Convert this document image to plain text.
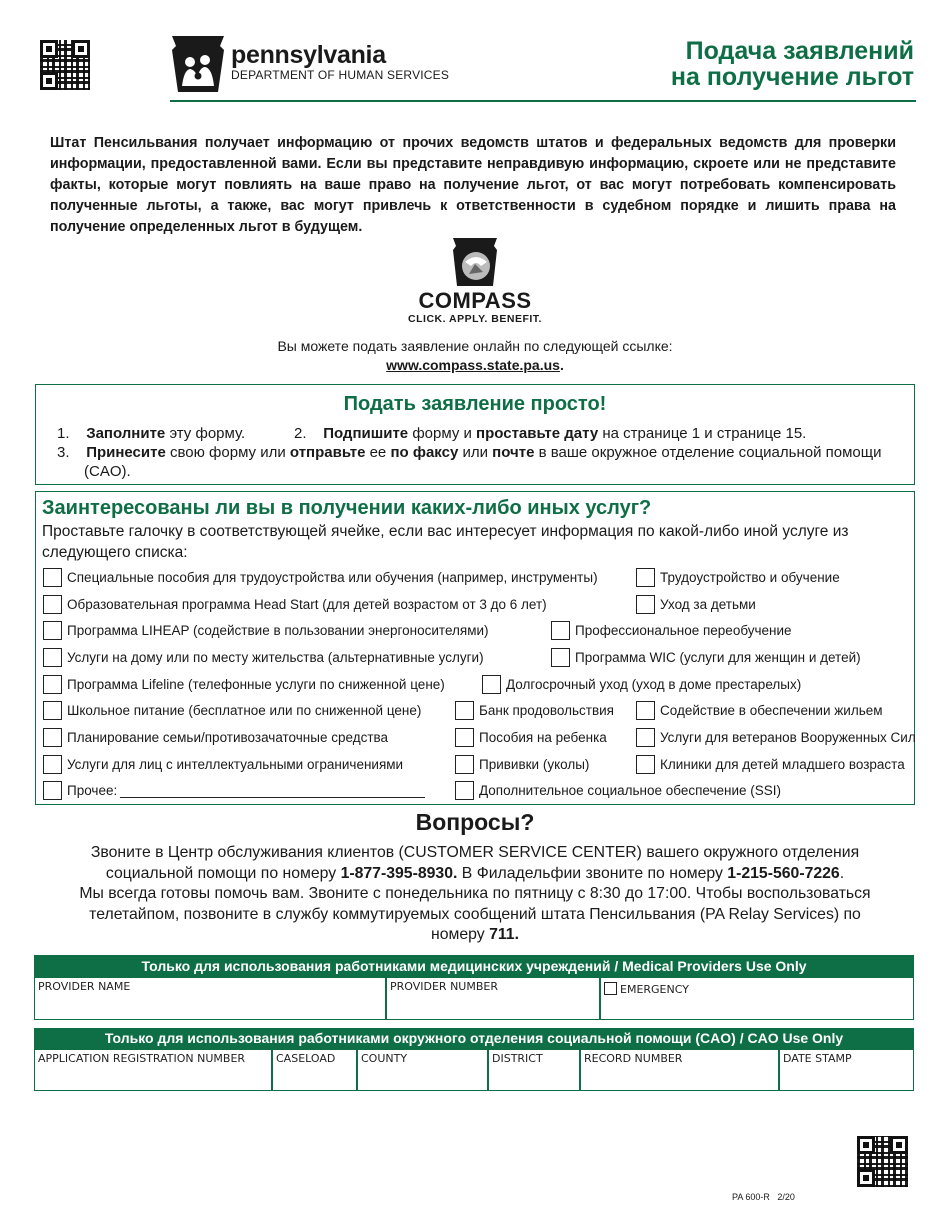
pennsylvania
DEPARTMENT OF HUMAN SERVICES
Подача заявлений
на получение льгот
Штат Пенсильвания получает информацию от прочих ведомств штатов и федеральных ведомств для проверки информации, предоставленной вами. Если вы представите неправдивую информацию, скроете или не представите факты, которые могут повлиять на ваше право на получение льгот, от вас могут потребовать компенсировать полученные льготы, а также, вас могут привлечь к ответственности в судебном порядке и лишить права на получение определенных льгот в будущем.
COMPASS
CLICK. APPLY. BENEFIT.
Вы можете подать заявление онлайн по следующей ссылке:
www.compass.state.pa.us.
Подать заявление просто!
1. Заполните эту форму.	2. Подпишите форму и проставьте дату на странице 1 и странице 15.
3. Принесите свою форму или отправьте ее по факсу или почте в ваше окружное отделение социальной помощи
(CAO).
Заинтересованы ли вы в получении каких-либо иных услуг?
Проставьте галочку в соответствующей ячейке, если вас интересует информация по какой-либо иной услуге из следующего списка:
Специальные пособия для трудоустройства или обучения (например, инструменты)	Трудоустройство и обучение
Образовательная программа Head Start (для детей возрастом от 3 до 6 лет)	Уход за детьми
Программа LIHEAP (содействие в пользовании энергоносителями)	Профессиональное переобучение
Услуги на дому или по месту жительства (альтернативные услуги)	Программа WIC (услуги для женщин и детей)
Программа Lifeline (телефонные услуги по сниженной цене)	Долгосрочный уход (уход в доме престарелых)
Школьное питание (бесплатное или по сниженной цене)	Банк продовольствия	Содействие в обеспечении жильем
Планирование семьи/противозачаточные средства	Пособия на ребенка	Услуги для ветеранов Вооруженных Сил
Услуги для лиц с интеллектуальными ограничениями	Прививки (уколы)	Клиники для детей младшего возраста
Прочее:	Дополнительное социальное обеспечение (SSI)
Вопросы?
Звоните в Центр обслуживания клиентов (CUSTOMER SERVICE CENTER) вашего окружного отделения
социальной помощи по номеру 1-877-395-8930. В Филадельфии звоните по номеру 1-215-560-7226.
Мы всегда готовы помочь вам. Звоните с понедельника по пятницу с 8:30 до 17:00. Чтобы воспользоваться
телетайпом, позвоните в службу коммутируемых сообщений штата Пенсильвания (PA Relay Services) по
номеру 711.
Только для использования работниками медицинских учреждений / Medical Providers Use Only
PROVIDER NAME	PROVIDER NUMBER	EMERGENCY
Только для использования работниками окружного отделения социальной помощи (CAO) / CAO Use Only
APPLICATION REGISTRATION NUMBER	CASELOAD	COUNTY	DISTRICT	RECORD NUMBER	DATE STAMP
PA 600-R   2/20
